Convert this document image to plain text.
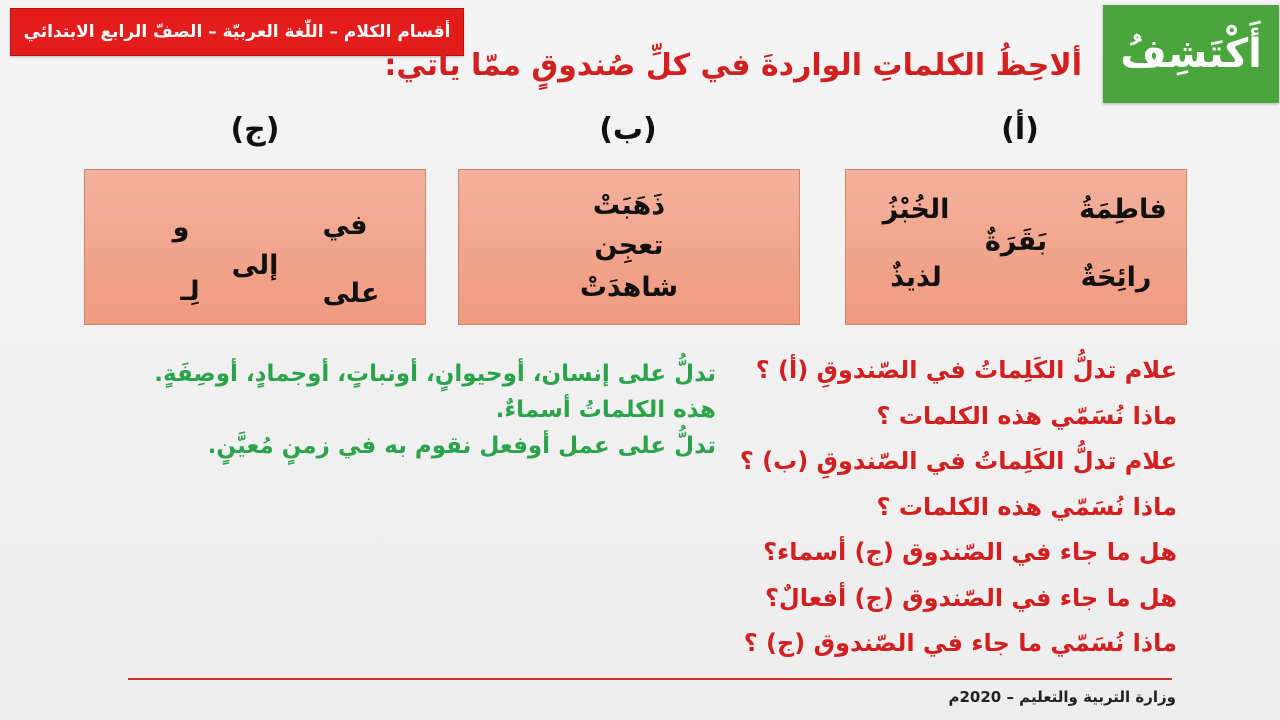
أقسام الكلام – اللّغة العربيّة – الصفّ الرابع الابتدائي	أَكْتَشِفُ
ألاحِظُ الكلماتِ الواردةَ في كلِّ صُندوقٍ ممّا يأتي:
(أ)
(ب)
(ج)
فاطِمَةُ
بَقَرَةٌ
الخُبْزُ
رائِحَةٌ
لذيذٌ
ذَهَبَتْ
تعجِن
شاهدَتْ
في
و
إلى
على
لِـ
تدلُّ على إنسان، أوحيوانٍ، أونباتٍ، أوجمادٍ، أوصِفَةٍ.
هذه الكلماتُ أسماءٌ.
تدلُّ على عمل أوفعل نقوم به في زمنٍ مُعيَّنٍ.
علام تدلُّ الكَلِماتُ في الصّندوقِ (أ) ؟
ماذا نُسَمّي هذه الكلمات ؟
علام تدلُّ الكَلِماتُ في الصّندوقِ (ب) ؟
ماذا نُسَمّي هذه الكلمات ؟
هل ما جاء في الصّندوق (ج) أسماء؟
هل ما جاء في الصّندوق (ج) أفعالٌ؟
ماذا نُسَمّي ما جاء في الصّندوق (ج) ؟
وزارة التربية والتعليم – 2020م
